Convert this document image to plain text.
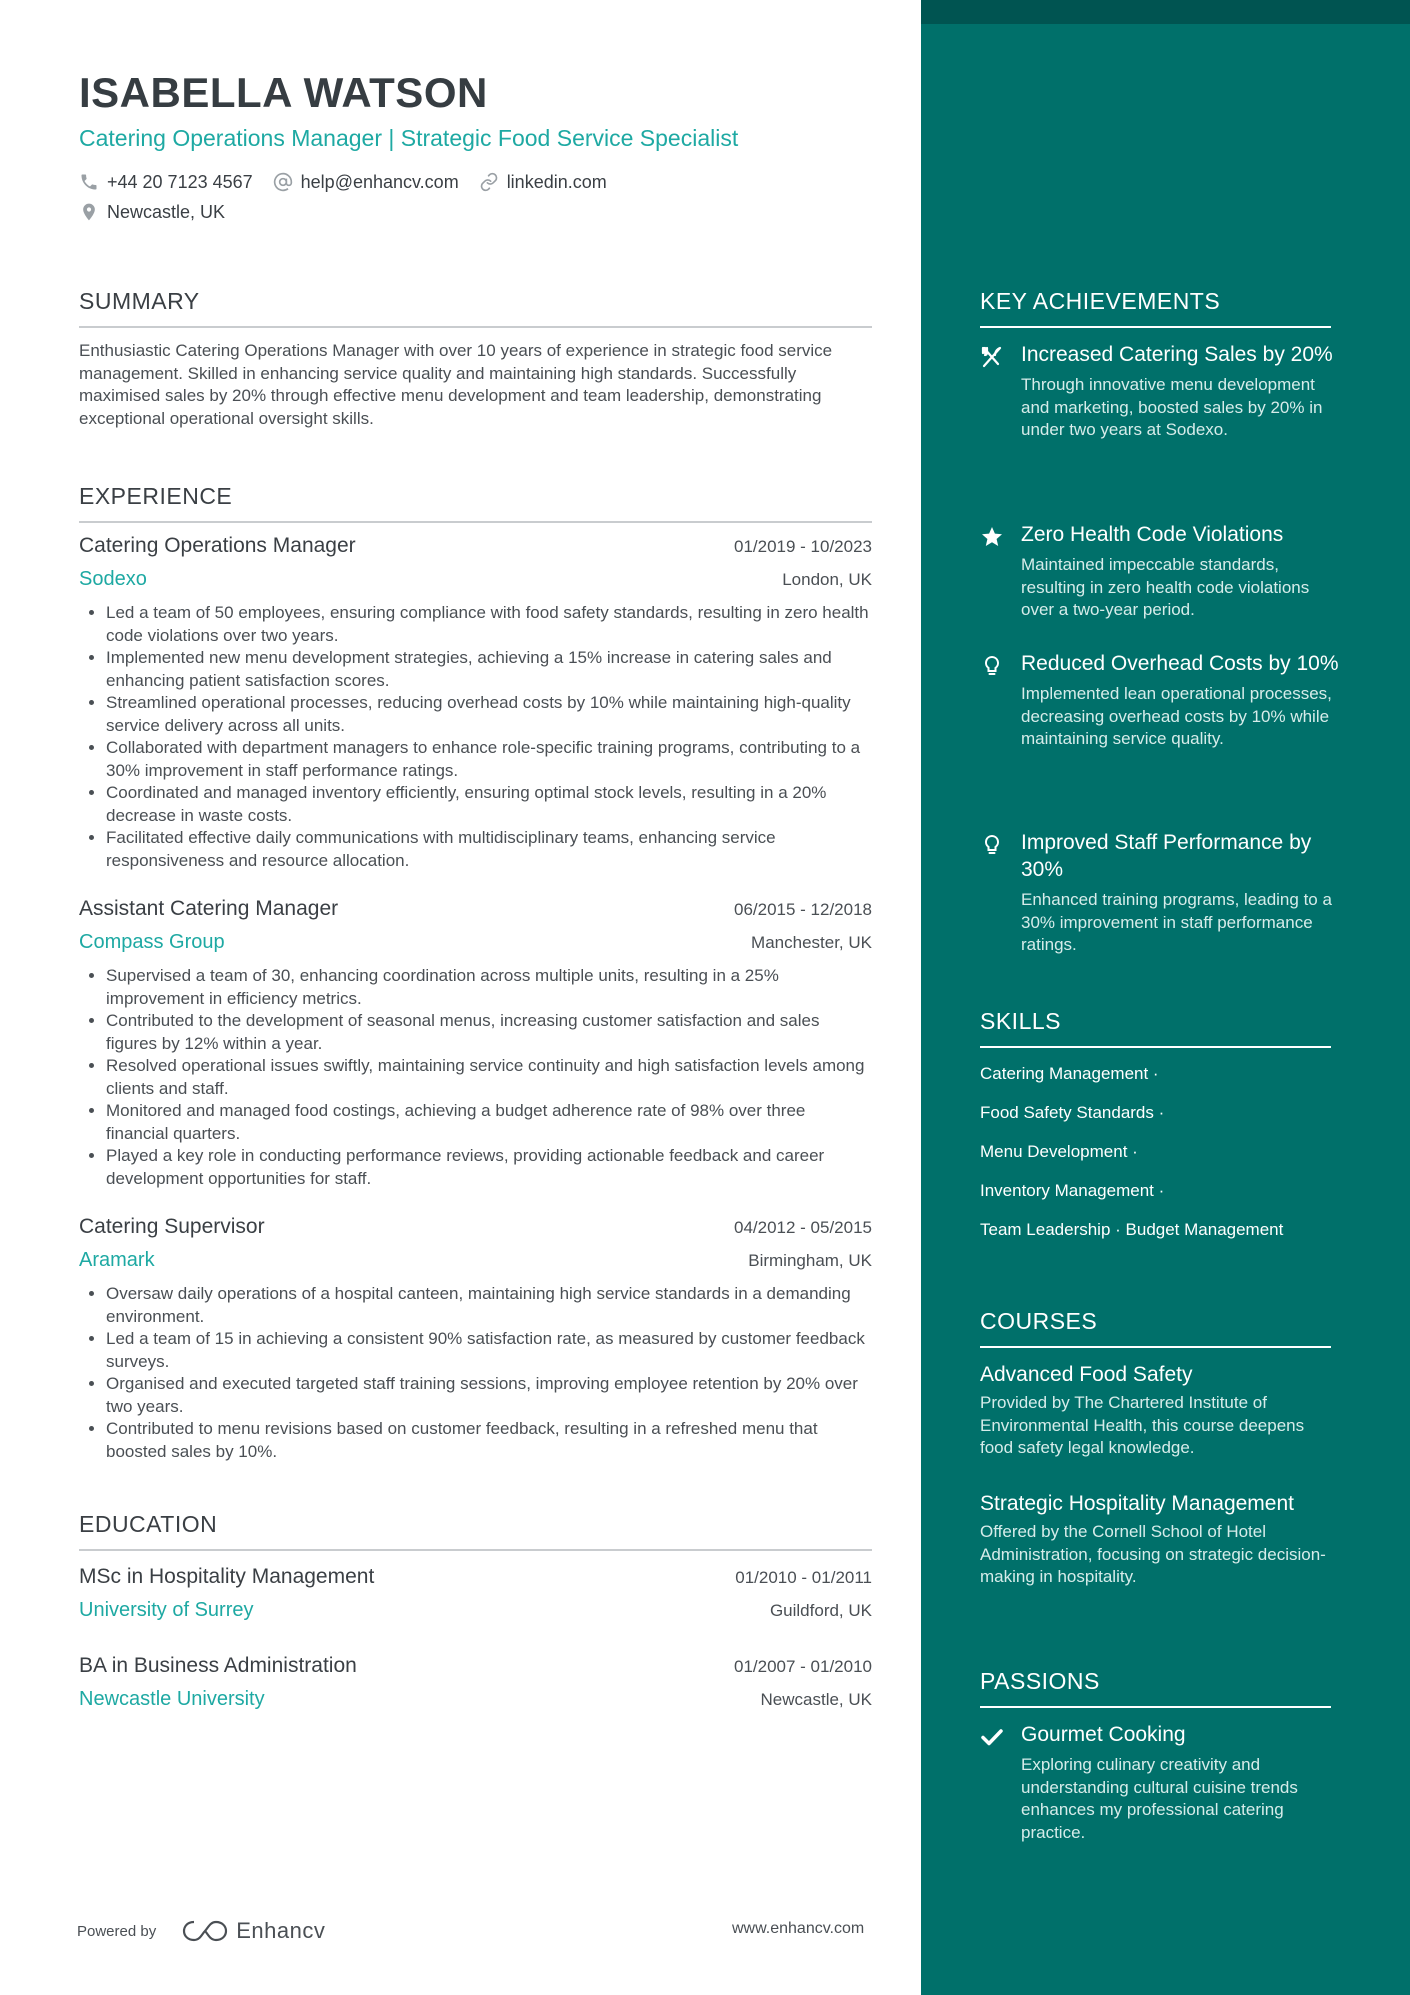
ISABELLA WATSON
Catering Operations Manager | Strategic Food Service Specialist
+44 20 7123 4567	help@enhancv.com	linkedin.com
Newcastle, UK
SUMMARY

Enthusiastic Catering Operations Manager with over 10 years of experience in strategic food service management. Skilled in enhancing service quality and maintaining high standards. Successfully maximised sales by 20% through effective menu development and team leadership, demonstrating exceptional operational oversight skills.

EXPERIENCE
Catering Operations Manager	01/2019 - 10/2023
Sodexo	London, UK
• Led a team of 50 employees, ensuring compliance with food safety standards, resulting in zero health code violations over two years.
• Implemented new menu development strategies, achieving a 15% increase in catering sales and enhancing patient satisfaction scores.
• Streamlined operational processes, reducing overhead costs by 10% while maintaining high-quality service delivery across all units.
• Collaborated with department managers to enhance role-specific training programs, contributing to a 30% improvement in staff performance ratings.
• Coordinated and managed inventory efficiently, ensuring optimal stock levels, resulting in a 20% decrease in waste costs.
• Facilitated effective daily communications with multidisciplinary teams, enhancing service responsiveness and resource allocation.
Assistant Catering Manager	06/2015 - 12/2018
Compass Group	Manchester, UK
• Supervised a team of 30, enhancing coordination across multiple units, resulting in a 25% improvement in efficiency metrics.
• Contributed to the development of seasonal menus, increasing customer satisfaction and sales figures by 12% within a year.
• Resolved operational issues swiftly, maintaining service continuity and high satisfaction levels among clients and staff.
• Monitored and managed food costings, achieving a budget adherence rate of 98% over three financial quarters.
• Played a key role in conducting performance reviews, providing actionable feedback and career development opportunities for staff.
Catering Supervisor	04/2012 - 05/2015
Aramark	Birmingham, UK
• Oversaw daily operations of a hospital canteen, maintaining high service standards in a demanding environment.
• Led a team of 15 in achieving a consistent 90% satisfaction rate, as measured by customer feedback surveys.
• Organised and executed targeted staff training sessions, improving employee retention by 20% over two years.
• Contributed to menu revisions based on customer feedback, resulting in a refreshed menu that boosted sales by 10%.
EDUCATION
MSc in Hospitality Management	01/2010 - 01/2011
University of Surrey	Guildford, UK
BA in Business Administration	01/2007 - 01/2010
Newcastle University	Newcastle, UK
Powered by	Enhancv	www.enhancv.com
KEY ACHIEVEMENTS
Increased Catering Sales by 20%
Through innovative menu development and marketing, boosted sales by 20% in under two years at Sodexo.
Zero Health Code Violations
Maintained impeccable standards, resulting in zero health code violations over a two-year period.
Reduced Overhead Costs by 10%
Implemented lean operational processes, decreasing overhead costs by 10% while maintaining service quality.
Improved Staff Performance by 30%
Enhanced training programs, leading to a 30% improvement in staff performance ratings.
SKILLS
Catering Management ·
Food Safety Standards ·
Menu Development ·
Inventory Management ·
Team Leadership · Budget Management
COURSES
Advanced Food Safety
Provided by The Chartered Institute of Environmental Health, this course deepens food safety legal knowledge.
Strategic Hospitality Management
Offered by the Cornell School of Hotel Administration, focusing on strategic decision-making in hospitality.
PASSIONS
Gourmet Cooking
Exploring culinary creativity and understanding cultural cuisine trends enhances my professional catering practice.
